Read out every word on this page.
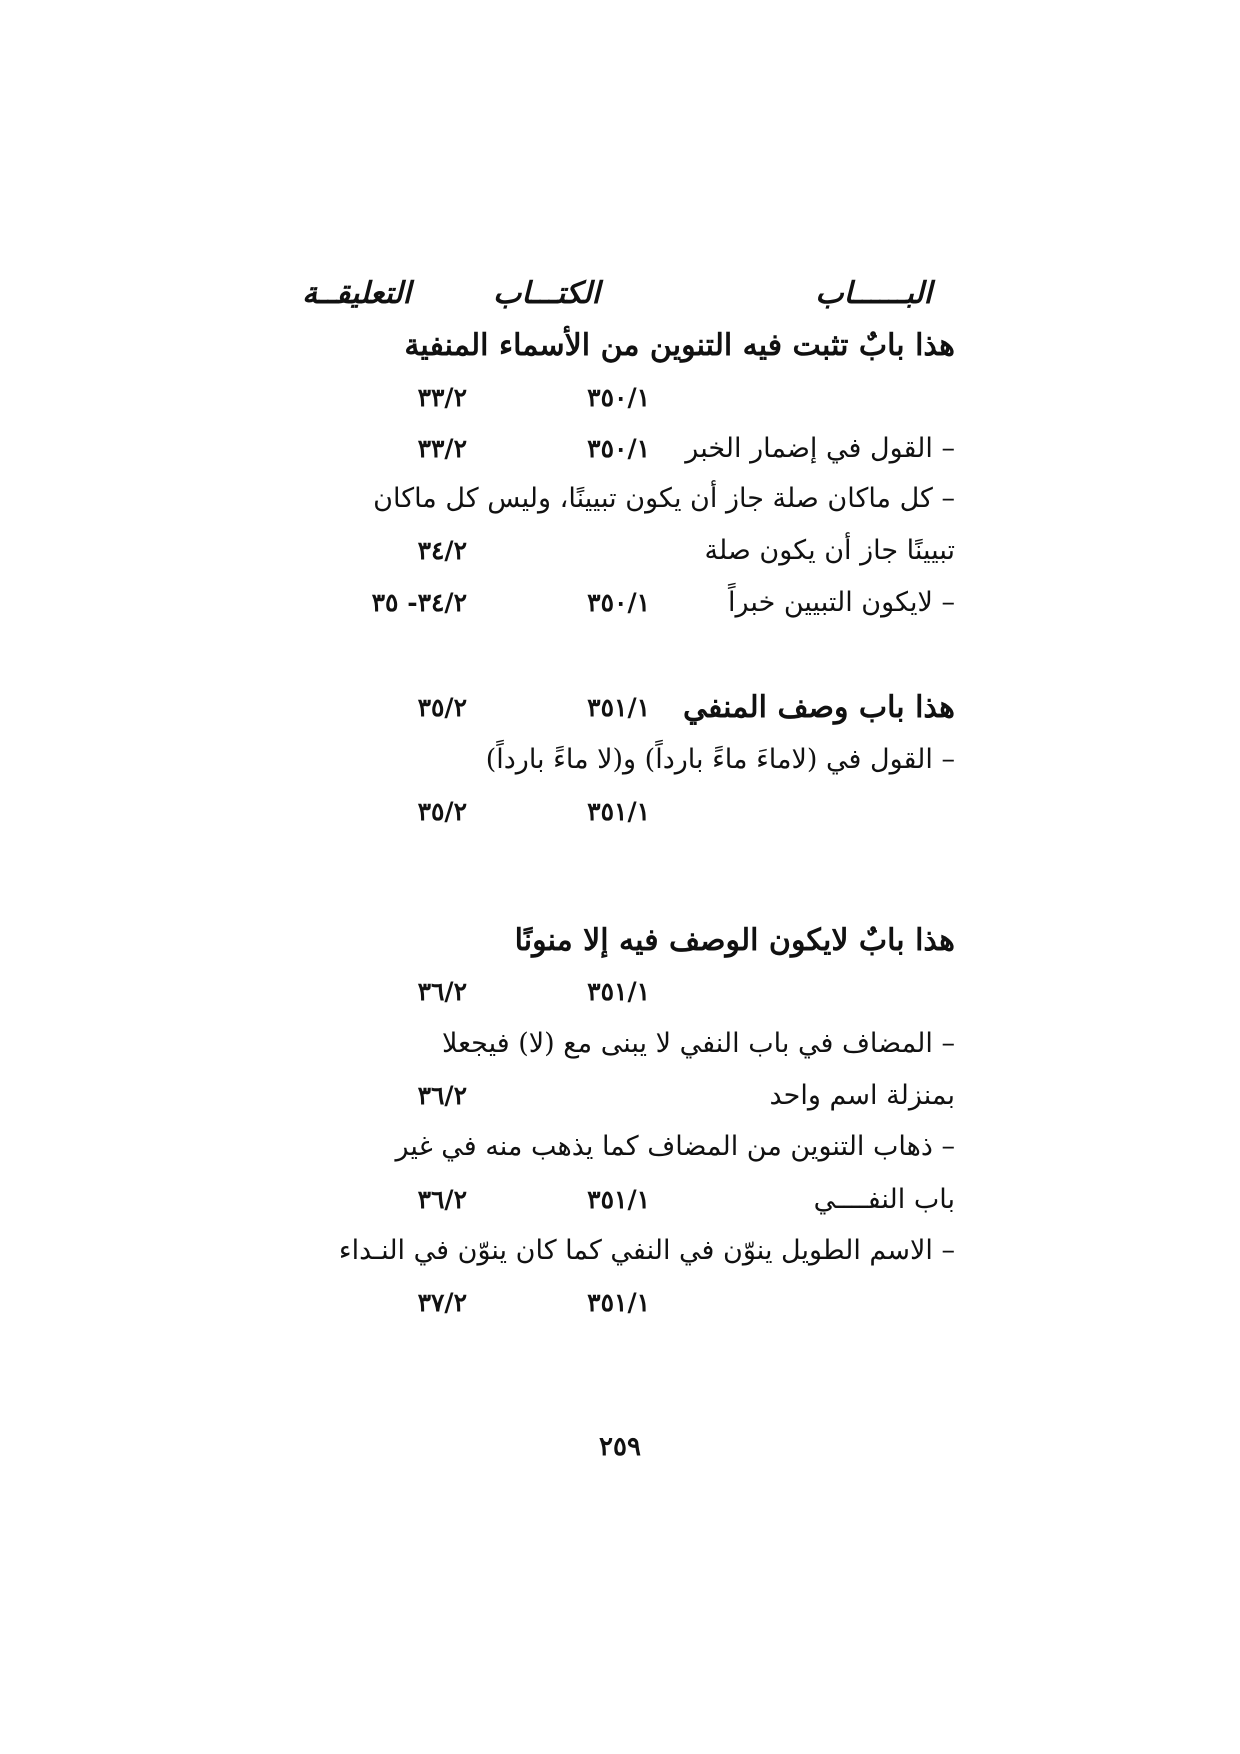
البــــــاب
الكتـــاب
التعليقــة
هذا بابٌ تثبت فيه التنوين من الأسماء المنفية
٣٥٠/١
٣٣/٢
– القول في إضمار الخبر
٣٥٠/١
٣٣/٢
– كل ماكان صلة جاز أن يكون تبيينًا، وليس كل ماكان
تبيينًا جاز أن يكون صلة
٣٤/٢
– لايكون التبيين خبراً
٣٥٠/١
٣٤/٢- ٣٥
هذا باب وصف المنفي
٣٥١/١
٣٥/٢
– القول في (لاماءَ ماءً بارداً) و(لا ماءً بارداً)
٣٥١/١
٣٥/٢
هذا بابٌ لايكون الوصف فيه إلا منونًا
٣٥١/١
٣٦/٢
– المضاف في باب النفي لا يبنى مع (لا) فيجعلا
بمنزلة اسم واحد
٣٦/٢
– ذهاب التنوين من المضاف كما يذهب منه في غير
باب النفــــي
٣٥١/١
٣٦/٢
– الاسم الطويل ينوّن في النفي كما كان ينوّن في النـداء
٣٥١/١
٣٧/٢
٢٥٩
